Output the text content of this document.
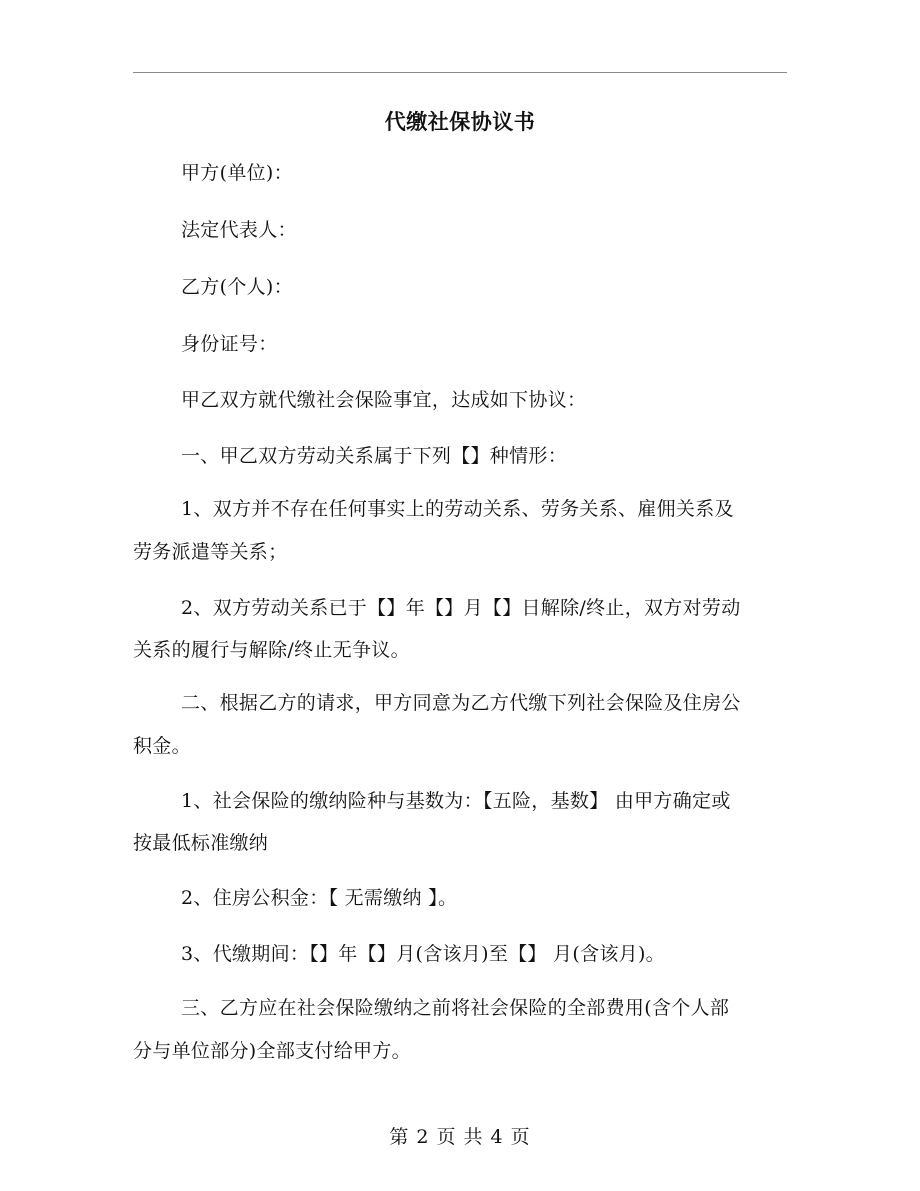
代缴社保协议书
甲方(单位)：
法定代表人：
乙方(个人)：
身份证号：
甲乙双方就代缴社会保险事宜，达成如下协议：
一、甲乙双方劳动关系属于下列【】种情形：
1、双方并不存在任何事实上的劳动关系、劳务关系、雇佣关系及
劳务派遣等关系；
2、双方劳动关系已于【】年【】月【】日解除/终止，双方对劳动
关系的履行与解除/终止无争议。
二、根据乙方的请求，甲方同意为乙方代缴下列社会保险及住房公
积金。
1、社会保险的缴纳险种与基数为：【五险，基数】 由甲方确定或
按最低标准缴纳
2、住房公积金：【 无需缴纳 】。
3、代缴期间：【】年【】月(含该月)至【】 月(含该月)。
三、乙方应在社会保险缴纳之前将社会保险的全部费用(含个人部
分与单位部分)全部支付给甲方。
第 2 页 共 4 页
